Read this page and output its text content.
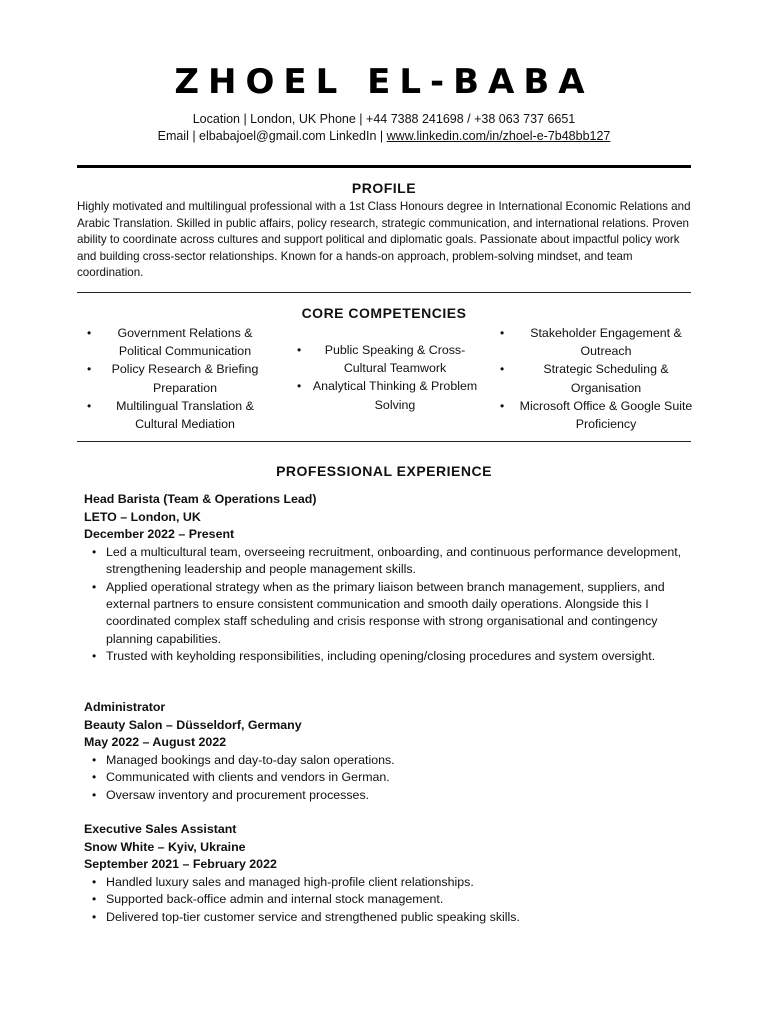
ZHOEL EL-BABA
Location | London, UK Phone | +44 7388 241698 / +38 063 737 6651
Email | elbabajoel@gmail.com LinkedIn | www.linkedin.com/in/zhoel-e-7b48bb127
PROFILE
Highly motivated and multilingual professional with a 1st Class Honours degree in International Economic Relations and Arabic Translation. Skilled in public affairs, policy research, strategic communication, and international relations. Proven ability to coordinate across cultures and support political and diplomatic goals. Passionate about impactful policy work and building cross-sector relationships. Known for a hands-on approach, problem-solving mindset, and team coordination.
CORE COMPETENCIES
• Government Relations & Political Communication
• Policy Research & Briefing Preparation
• Multilingual Translation & Cultural Mediation
• Public Speaking & Cross-Cultural Teamwork
• Analytical Thinking & Problem Solving
• Stakeholder Engagement & Outreach
•	Strategic Scheduling & Organisation
• Microsoft Office & Google Suite Proficiency
PROFESSIONAL EXPERIENCE
Head Barista (Team & Operations Lead)
LETO – London, UK
December 2022 – Present
• Led a multicultural team, overseeing recruitment, onboarding, and continuous performance development, strengthening leadership and people management skills.
• Applied operational strategy when as the primary liaison between branch management, suppliers, and external partners to ensure consistent communication and smooth daily operations. Alongside this I coordinated complex staff scheduling and crisis response with strong organisational and contingency planning capabilities.
• Trusted with keyholding responsibilities, including opening/closing procedures and system oversight.
Administrator
Beauty Salon – Düsseldorf, Germany
May 2022 – August 2022
• Managed bookings and day-to-day salon operations.
• Communicated with clients and vendors in German.
• Oversaw inventory and procurement processes.
Executive Sales Assistant
Snow White – Kyiv, Ukraine
September 2021 – February 2022
• Handled luxury sales and managed high-profile client relationships.
• Supported back-office admin and internal stock management.
• Delivered top-tier customer service and strengthened public speaking skills.
